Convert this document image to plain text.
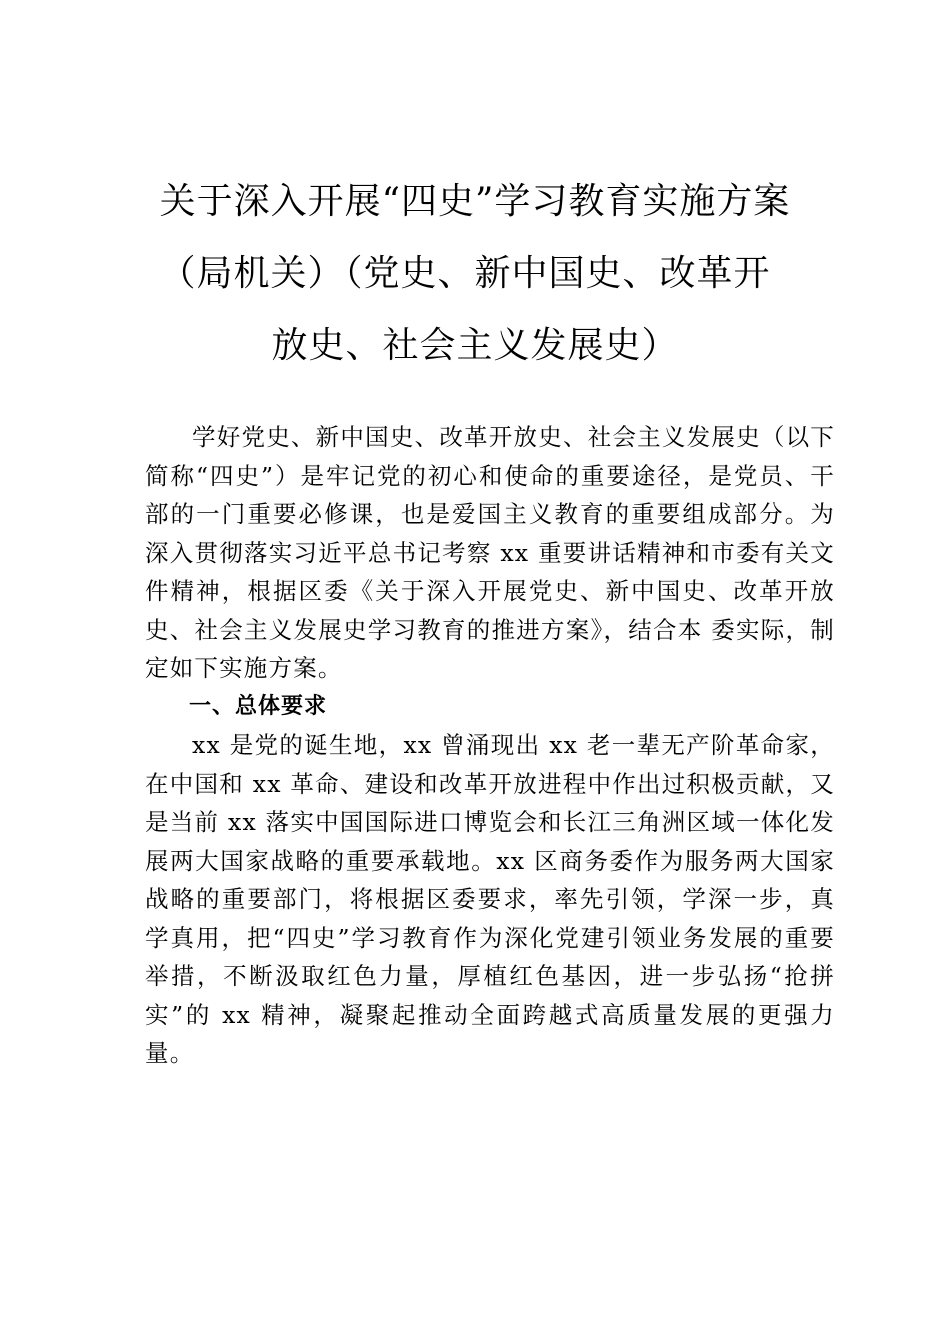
关于深入开展“四史”学习教育实施方案
（局机关）（党史、新中国史、改革开
放史、社会主义发展史）

学好党史、新中国史、改革开放史、社会主义发展史（以下简称“四史”）是牢记党的初心和使命的重要途径，是党员、干部的一门重要必修课，也是爱国主义教育的重要组成部分。为深入贯彻落实习近平总书记考察 xx 重要讲话精神和市委有关文件精神，根据区委《关于深入开展党史、新中国史、改革开放史、社会主义发展史学习教育的推进方案》，结合本 委实际，制定如下实施方案。

一、总体要求

xx 是党的诞生地，xx 曾涌现出 xx 老一辈无产阶革命家，在中国和 xx 革命、建设和改革开放进程中作出过积极贡献，又是当前 xx 落实中国国际进口博览会和长江三角洲区域一体化发展两大国家战略的重要承载地。xx 区商务委作为服务两大国家战略的重要部门，将根据区委要求，率先引领，学深一步，真学真用，把“四史”学习教育作为深化党建引领业务发展的重要举措，不断汲取红色力量，厚植红色基因，进一步弘扬“抢拼实”的 xx 精神，凝聚起推动全面跨越式高质量发展的更强力量。
